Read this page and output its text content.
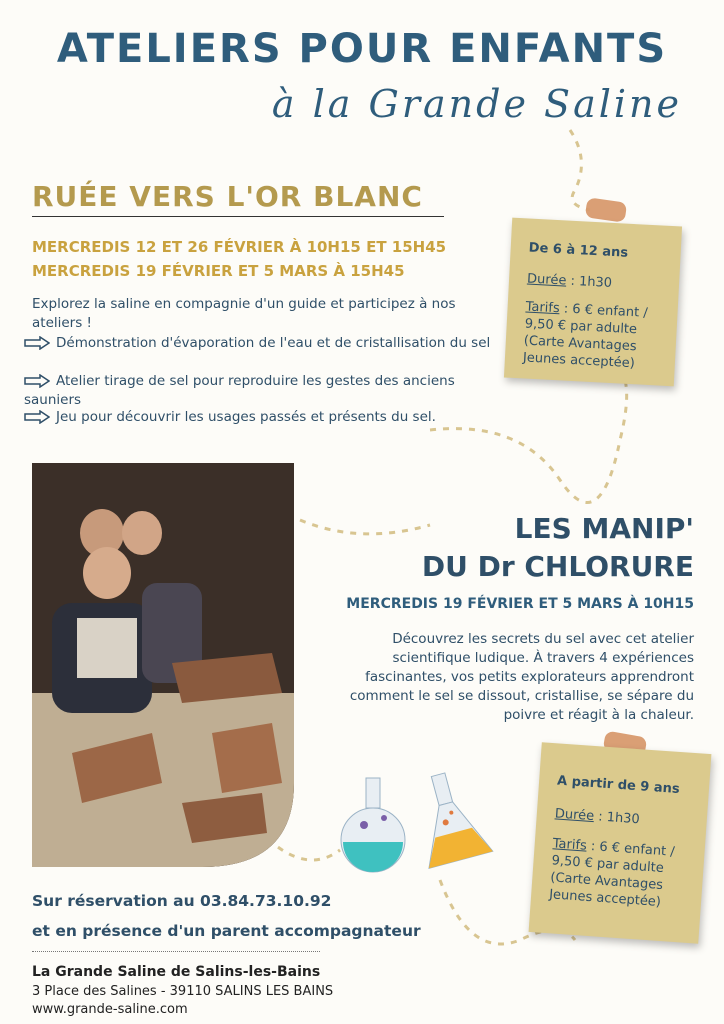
ATELIERS POUR ENFANTS
à la Grande Saline
RUÉE VERS L'OR BLANC
MERCREDIS 12 ET 26 FÉVRIER À 10H15 ET 15H45
MERCREDIS 19 FÉVRIER ET 5 MARS À 15H45
Explorez la saline en compagnie d'un guide et participez à nos ateliers !
Démonstration d'évaporation de l'eau et de cristallisation du sel
Atelier tirage de sel pour reproduire les gestes des anciens sauniers
Jeu pour découvrir les usages passés et présents du sel.
De 6 à 12 ans
Durée : 1h30
Tarifs : 6 € enfant / 9,50 € par adulte (Carte Avantages Jeunes acceptée)
LES MANIP'
DU Dr CHLORURE
MERCREDIS 19 FÉVRIER ET 5 MARS À 10H15
Découvrez les secrets du sel avec cet atelier scientifique ludique. À travers 4 expériences fascinantes, vos petits explorateurs apprendront comment le sel se dissout, cristallise, se sépare du poivre et réagit à la chaleur.
A partir de 9 ans
Durée : 1h30
Tarifs : 6 € enfant / 9,50 € par adulte (Carte Avantages Jeunes acceptée)
Sur réservation au 03.84.73.10.92
et en présence d'un parent accompagnateur
La Grande Saline de Salins-les-Bains
3 Place des Salines - 39110 SALINS LES BAINS
www.grande-saline.com
